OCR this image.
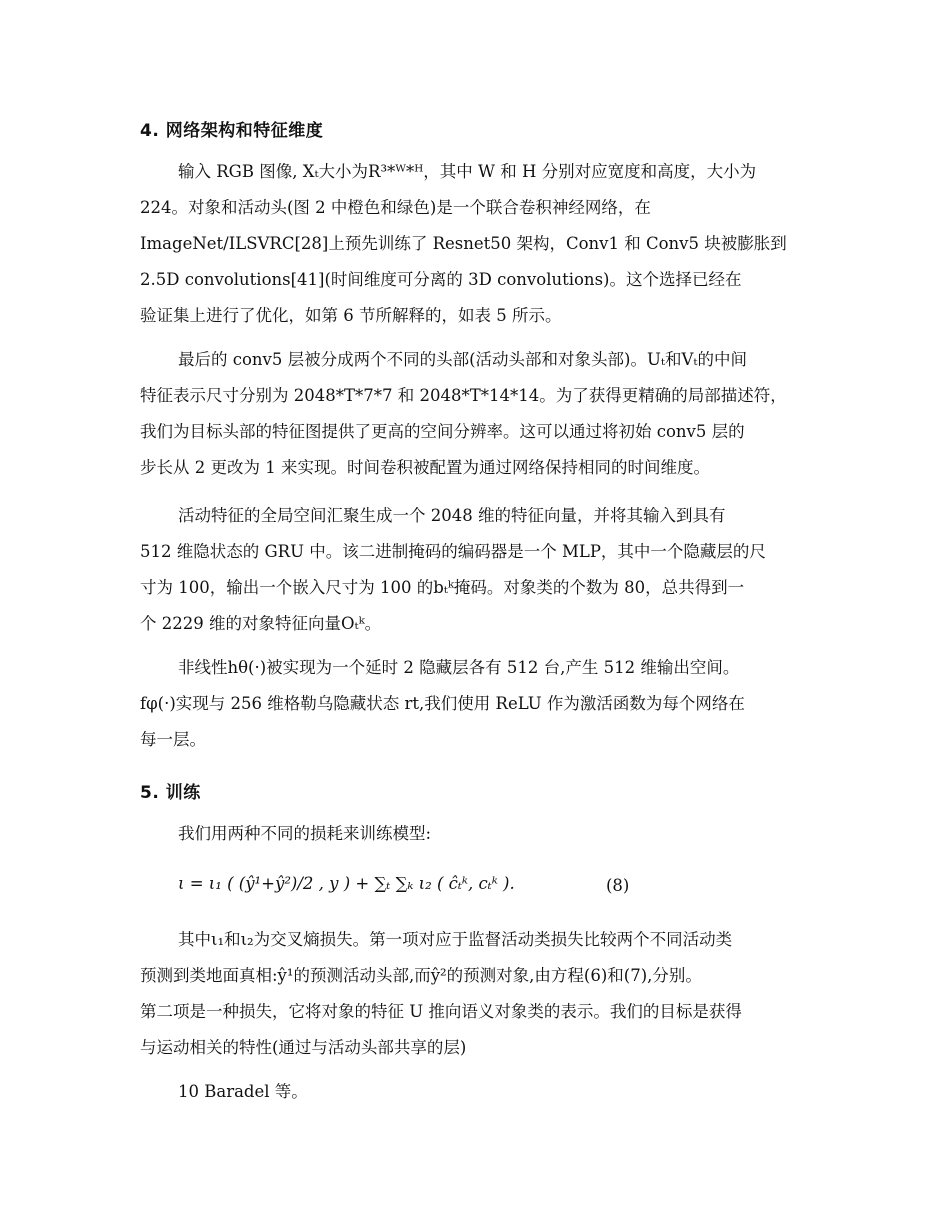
4. 网络架构和特征维度
输入 RGB 图像, Xₜ大小为R³*ᵂ*ᴴ，其中 W 和 H 分别对应宽度和高度，大小为
224。对象和活动头(图 2 中橙色和绿色)是一个联合卷积神经网络，在
ImageNet/ILSVRC[28]上预先训练了 Resnet50 架构，Conv1 和 Conv5 块被膨胀到
2.5D convolutions[41](时间维度可分离的 3D convolutions)。这个选择已经在
验证集上进行了优化，如第 6 节所解释的，如表 5 所示。
最后的 conv5 层被分成两个不同的头部(活动头部和对象头部)。Uₜ和Vₜ的中间
特征表示尺寸分别为 2048*T*7*7 和 2048*T*14*14。为了获得更精确的局部描述符，
我们为目标头部的特征图提供了更高的空间分辨率。这可以通过将初始 conv5 层的
步长从 2 更改为 1 来实现。时间卷积被配置为通过网络保持相同的时间维度。
活动特征的全局空间汇聚生成一个 2048 维的特征向量，并将其输入到具有
512 维隐状态的 GRU 中。该二进制掩码的编码器是一个 MLP，其中一个隐藏层的尺
寸为 100，输出一个嵌入尺寸为 100 的bₜᵏ掩码。对象类的个数为 80，总共得到一
个 2229 维的对象特征向量Oₜᵏ。
非线性hθ(·)被实现为一个延时 2 隐藏层各有 512 台,产生 512 维输出空间。
fφ(·)实现与 256 维格勒乌隐藏状态 rt,我们使用 ReLU 作为激活函数为每个网络在
每一层。
5. 训练
我们用两种不同的损耗来训练模型:
ι = ι₁ ( (ŷ¹+ŷ²)/2 , y ) + ∑ₜ ∑ₖ ι₂ ( ĉₜᵏ, cₜᵏ ).	(8)
其中ι₁和ι₂为交叉熵损失。第一项对应于监督活动类损失比较两个不同活动类
预测到类地面真相:ŷ¹的预测活动头部,而ŷ²的预测对象,由方程(6)和(7),分别。
第二项是一种损失，它将对象的特征 U 推向语义对象类的表示。我们的目标是获得
与运动相关的特性(通过与活动头部共享的层)
10 Baradel 等。
